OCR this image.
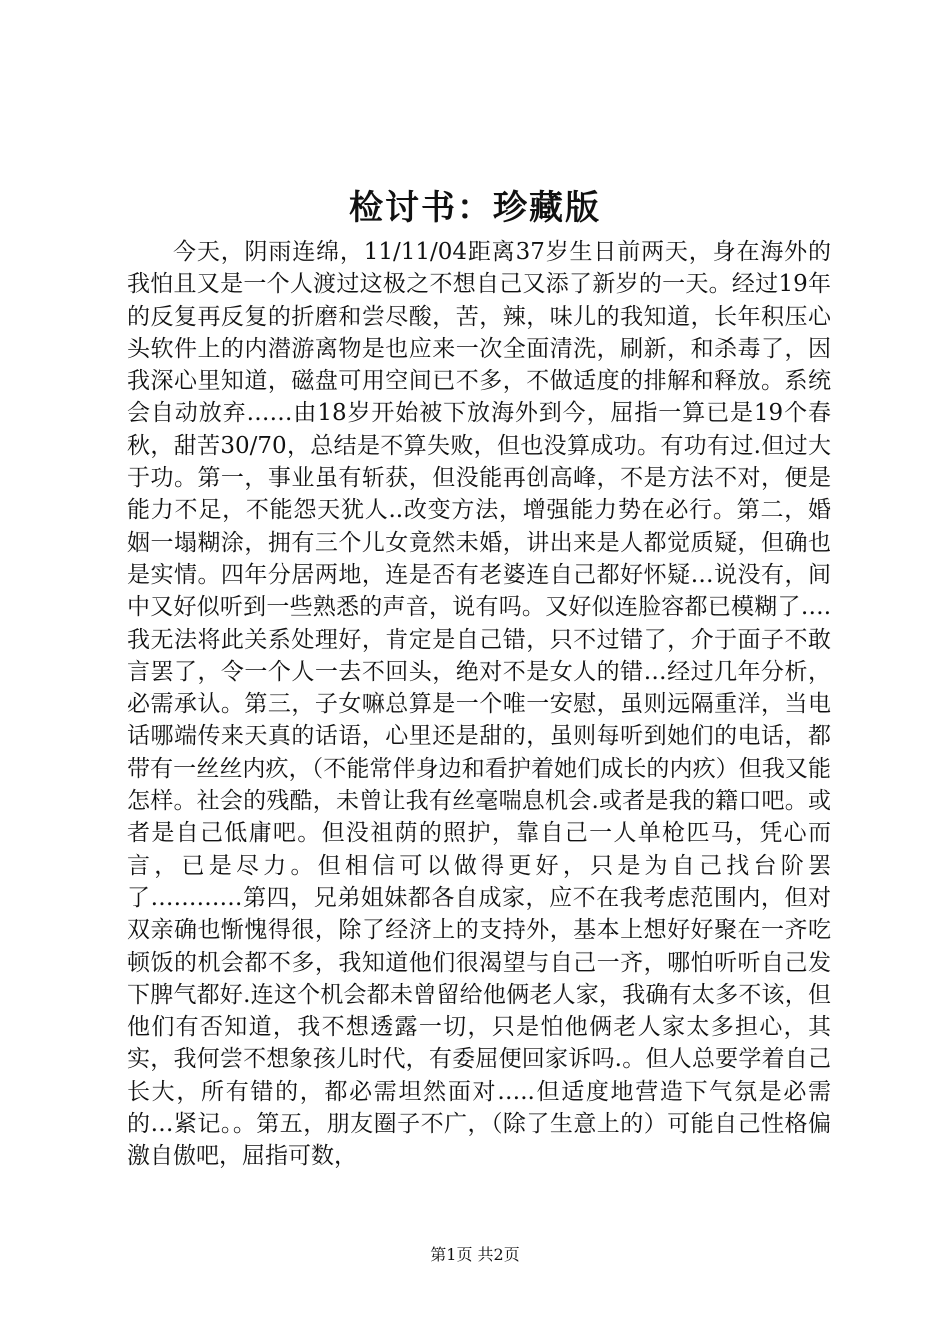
检讨书：珍藏版

今天，阴雨连绵，11/11/04距离37岁生日前两天，身在海外的我怕且又是一个人渡过这极之不想自己又添了新岁的一天。经过19年的反复再反复的折磨和尝尽酸，苦，辣，味儿的我知道，长年积压心头软件上的内潜游离物是也应来一次全面清洗，刷新，和杀毒了，因我深心里知道，磁盘可用空间已不多，不做适度的排解和释放。系统会自动放弃……由18岁开始被下放海外到今，屈指一算已是19个春秋，甜苦30/70，总结是不算失败，但也没算成功。有功有过.但过大于功。第一，事业虽有斩获，但没能再创高峰，不是方法不对，便是能力不足，不能怨天犹人..改变方法，增强能力势在必行。第二，婚姻一塌糊涂，拥有三个儿女竟然未婚，讲出来是人都觉质疑，但确也是实情。四年分居两地，连是否有老婆连自己都好怀疑…说没有，间中又好似听到一些熟悉的声音，说有吗。又好似连脸容都已模糊了….我无法将此关系处理好，肯定是自己错，只不过错了，介于面子不敢言罢了，令一个人一去不回头，绝对不是女人的错…经过几年分析，必需承认。第三，子女嘛总算是一个唯一安慰，虽则远隔重洋，当电话哪端传来天真的话语，心里还是甜的，虽则每听到她们的电话，都带有一丝丝内疚，（不能常伴身边和看护着她们成长的内疚）但我又能怎样。社会的残酷，未曾让我有丝毫喘息机会.或者是我的籍口吧。或者是自己低庸吧。但没祖荫的照护，靠自己一人单枪匹马，凭心而言，已是尽力。但相信可以做得更好，只是为自己找台阶罢了…………第四，兄弟姐妹都各自成家，应不在我考虑范围内，但对双亲确也惭愧得很，除了经济上的支持外，基本上想好好聚在一齐吃顿饭的机会都不多，我知道他们很渴望与自己一齐，哪怕听听自己发下脾气都好.连这个机会都未曾留给他俩老人家，我确有太多不该，但他们有否知道，我不想透露一切，只是怕他俩老人家太多担心，其实，我何尝不想象孩儿时代，有委屈便回家诉吗.。但人总要学着自己长大，所有错的，都必需坦然面对…..但适度地营造下气氛是必需的…紧记。。第五，朋友圈子不广，（除了生意上的）可能自己性格偏激自傲吧，屈指可数，

第1页 共2页
